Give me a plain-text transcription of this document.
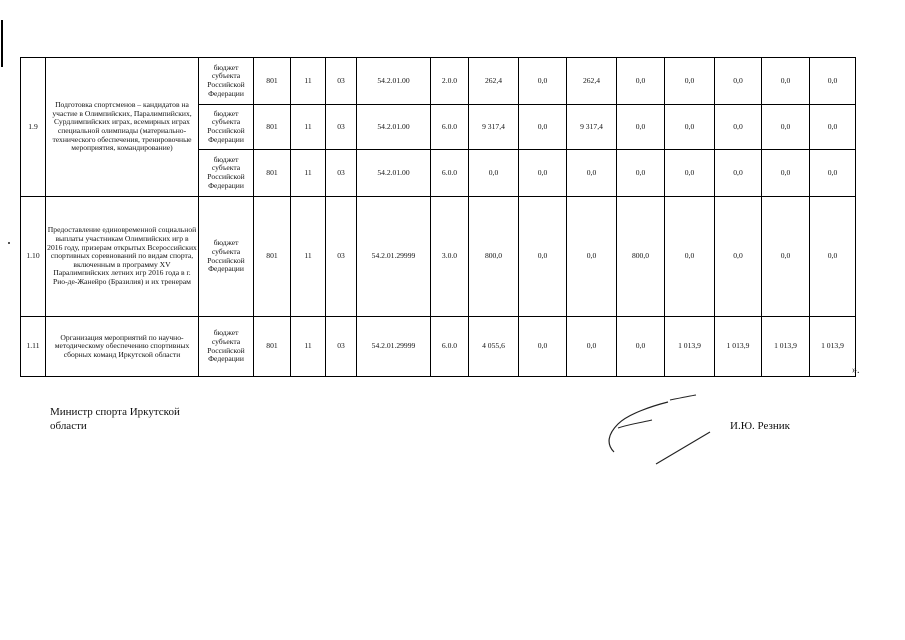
1.9	Подготовка спортсменов – кандидатов на участие в Олимпийских, Паралимпийских, Сурдлимпийских играх, всемирных играх специальной олимпиады (материально-технического обеспечения, тренировочные мероприятия, командирование)	бюджет субъекта Российской Федерации	801	11	03	54.2.01.00	2.0.0	262,4	0,0	262,4	0,0	0,0	0,0	0,0	0,0
		бюджет субъекта Российской Федерации	801	11	03	54.2.01.00	6.0.0	9 317,4	0,0	9 317,4	0,0	0,0	0,0	0,0	0,0
		бюджет субъекта Российской Федерации	801	11	03	54.2.01.00	6.0.0	0,0	0,0	0,0	0,0	0,0	0,0	0,0	0,0
1.10	Предоставление единовременной социальной выплаты участникам Олимпийских игр в 2016 году, призерам открытых Всероссийских спортивных соревнований по видам спорта, включенным в программу XV Паралимпийских летних игр 2016 года в г. Рио-де-Жанейро (Бразилия) и их тренерам	бюджет субъекта Российской Федерации	801	11	03	54.2.01.29999	3.0.0	800,0	0,0	0,0	800,0	0,0	0,0	0,0	0,0
1.11	Организация мероприятий по научно-методическому обеспечению спортивных сборных команд Иркутской области	бюджет субъекта Российской Федерации	801	11	03	54.2.01.29999	6.0.0	4 055,6	0,0	0,0	0,0	1 013,9	1 013,9	1 013,9	1 013,9
».
Министр спорта Иркутской области	И.Ю. Резник
